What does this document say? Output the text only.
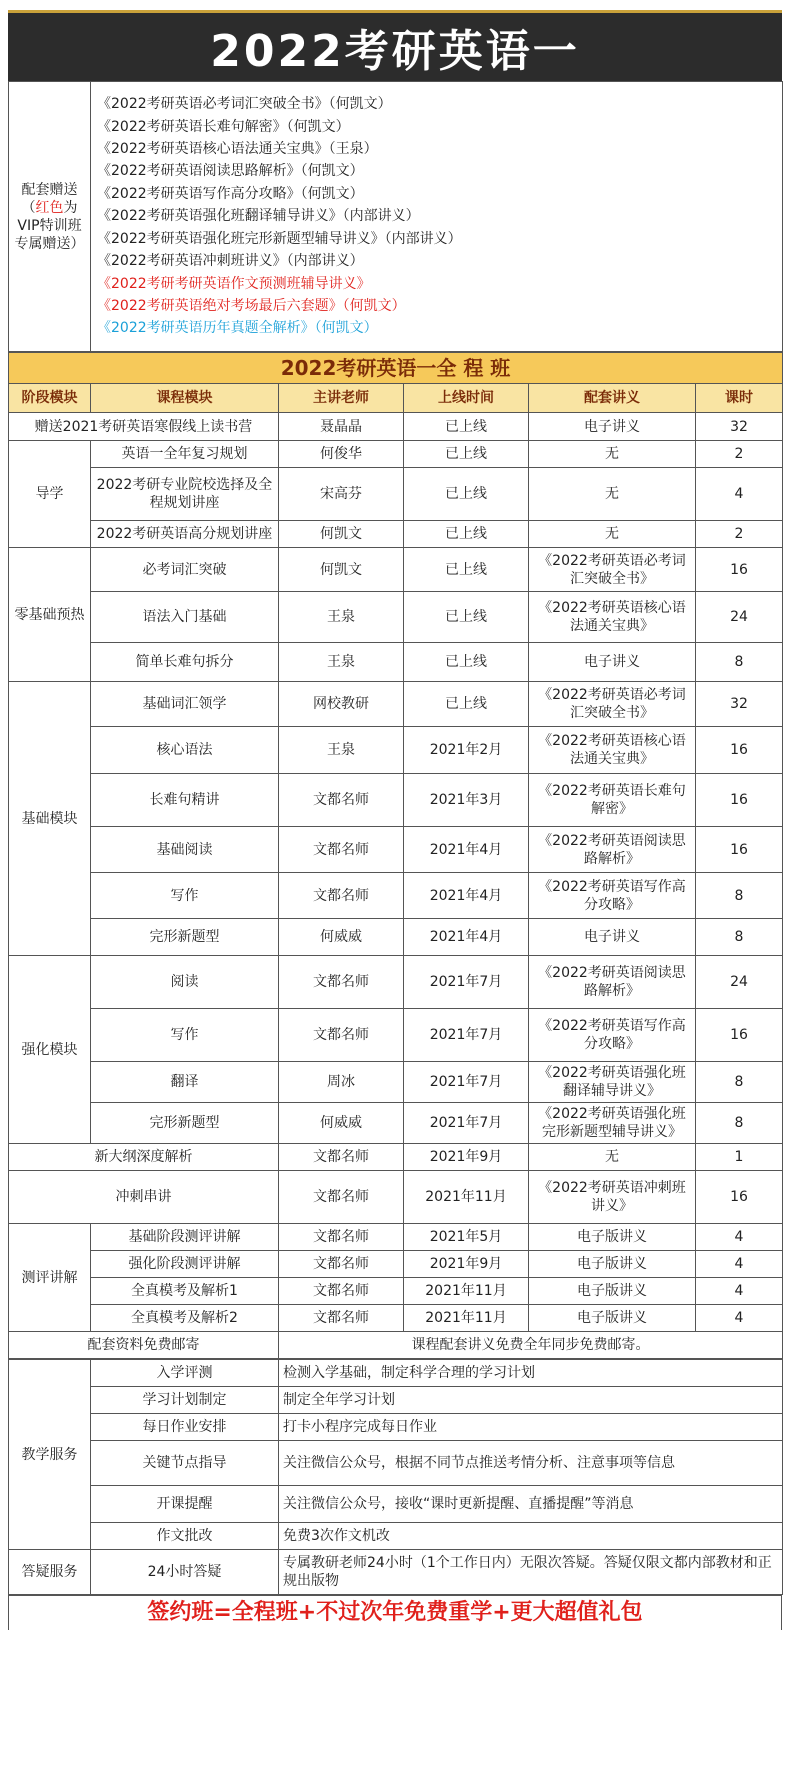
2022考研英语一
配套赠送
（红色为VIP特训班专属赠送）	
《2022考研英语必考词汇突破全书》（何凯文）
《2022考研英语长难句解密》（何凯文）
《2022考研英语核心语法通关宝典》（王泉）
《2022考研英语阅读思路解析》（何凯文）
《2022考研英语写作高分攻略》（何凯文）
《2022考研英语强化班翻译辅导讲义》（内部讲义）
《2022考研英语强化班完形新题型辅导讲义》（内部讲义）
《2022考研英语冲刺班讲义》（内部讲义）
《2022考研考研英语作文预测班辅导讲义》
《2022考研英语绝对考场最后六套题》（何凯文）
《2022考研英语历年真题全解析》（何凯文）
2022考研英语一全 程 班					
阶段模块	课程模块	主讲老师	上线时间	配套讲义	课时
赠送2021考研英语寒假线上读书营		聂晶晶	已上线	电子讲义	32
导学	英语一全年复习规划	何俊华	已上线	无	2
	2022考研专业院校选择及全程规划讲座	宋高芬	已上线	无	4
	2022考研英语高分规划讲座	何凯文	已上线	无	2
零基础预热	必考词汇突破	何凯文	已上线	《2022考研英语必考词汇突破全书》	16
	语法入门基础	王泉	已上线	《2022考研英语核心语法通关宝典》	24
	简单长难句拆分	王泉	已上线	电子讲义	8
基础模块	基础词汇领学	网校教研	已上线	《2022考研英语必考词汇突破全书》	32
	核心语法	王泉	2021年2月	《2022考研英语核心语法通关宝典》	16
	长难句精讲	文都名师	2021年3月	《2022考研英语长难句解密》	16
	基础阅读	文都名师	2021年4月	《2022考研英语阅读思路解析》	16
	写作	文都名师	2021年4月	《2022考研英语写作高分攻略》	8
	完形新题型	何威威	2021年4月	电子讲义	8
强化模块	阅读	文都名师	2021年7月	《2022考研英语阅读思路解析》	24
	写作	文都名师	2021年7月	《2022考研英语写作高分攻略》	16
	翻译	周冰	2021年7月	《2022考研英语强化班翻译辅导讲义》	8
	完形新题型	何威威	2021年7月	《2022考研英语强化班完形新题型辅导讲义》	8
新大纲深度解析		文都名师	2021年9月	无	1
冲刺串讲		文都名师	2021年11月	《2022考研英语冲刺班讲义》	16
测评讲解	基础阶段测评讲解	文都名师	2021年5月	电子版讲义	4
	强化阶段测评讲解	文都名师	2021年9月	电子版讲义	4
	全真模考及解析1	文都名师	2021年11月	电子版讲义	4
	全真模考及解析2	文都名师	2021年11月	电子版讲义	4
配套资料免费邮寄		课程配套讲义免费全年同步免费邮寄。			
教学服务	入学评测	检测入学基础，制定科学合理的学习计划
	学习计划制定	制定全年学习计划
	每日作业安排	打卡小程序完成每日作业
	关键节点指导	关注微信公众号，根据不同节点推送考情分析、注意事项等信息
	开课提醒	关注微信公众号，接收“课时更新提醒、直播提醒”等消息
	作文批改	免费3次作文机改
答疑服务	24小时答疑	专属教研老师24小时（1个工作日内）无限次答疑。答疑仅限文都内部教材和正规出版物
签约班=全程班+不过次年免费重学+更大超值礼包
